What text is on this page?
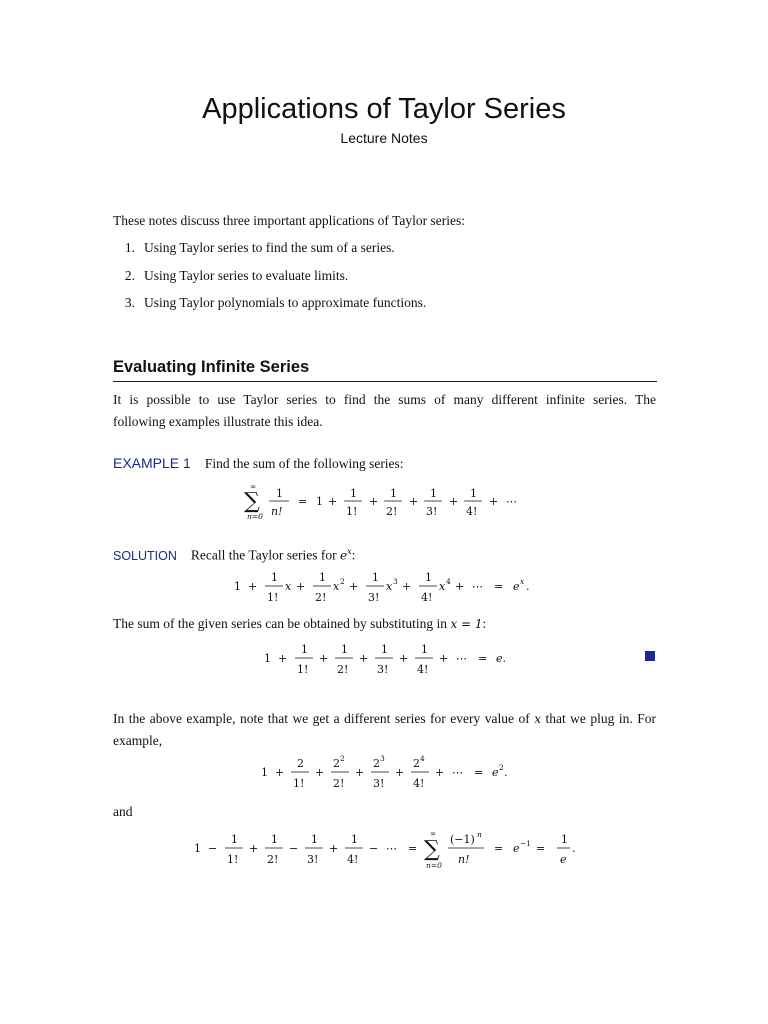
Applications of Taylor Series
Lecture Notes
These notes discuss three important applications of Taylor series:
1. Using Taylor series to find the sum of a series.
2. Using Taylor series to evaluate limits.
3. Using Taylor polynomials to approximate functions.
Evaluating Infinite Series
It is possible to use Taylor series to find the sums of many different infinite series. The
following examples illustrate this idea.
EXAMPLE 1 Find the sum of the following series:
∞
∑
n=0
1
n!
= 1 +
1
1!
+
1
2!
+
1
3!
+
1
4!
+ ⋯
SOLUTION Recall the Taylor series for $e^x$:
1 +
1
1!
x +
1
2!
x 2 +
1
3!
x 3 +
1
4!
x 4 + ⋯ = e x .
The sum of the given series can be obtained by substituting in x = 1:
1 +
1
1!
+
1
2!
+
1
3!
+
1
4!
+ ⋯ = e.
In the above example, note that we get a different series for every value of x that we plug in. For
example,
1 +
2
1!
+
2 2
2!
+
2 3
3!
+
2 4
4!
+ ⋯ = e 2 .
and
1 −
1
1!
+
1
2!
−
1
3!
+
1
4!
− ⋯ =
∞
∑
n=0
(−1) n
n!
= e −1 =
1
e
.
